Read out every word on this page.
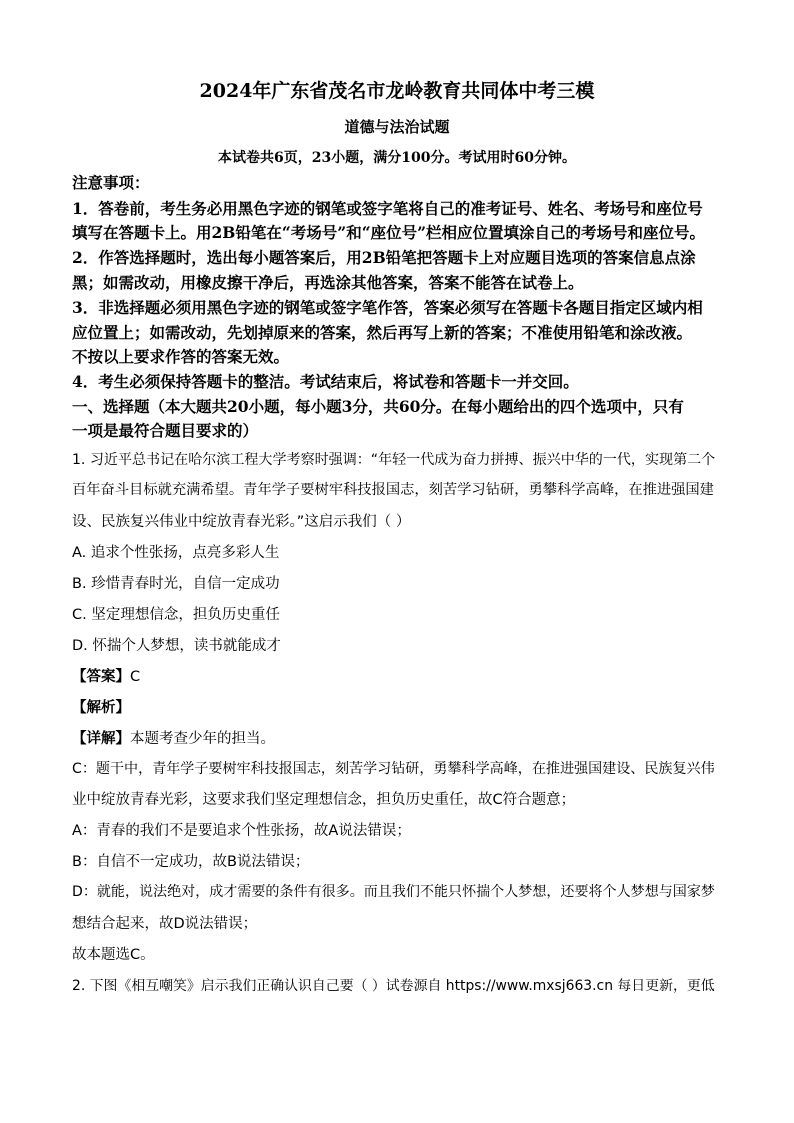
2024年广东省茂名市龙岭教育共同体中考三模

道德与法治试题

本试卷共6页，23小题，满分100分。考试用时60分钟。

注意事项：

1．答卷前，考生务必用黑色字迹的钢笔或签字笔将自己的准考证号、姓名、考场号和座位号

填写在答题卡上。用2B铅笔在“考场号”和“座位号”栏相应位置填涂自己的考场号和座位号。

2．作答选择题时，选出每小题答案后，用2B铅笔把答题卡上对应题目选项的答案信息点涂

黑；如需改动，用橡皮擦干净后，再选涂其他答案，答案不能答在试卷上。

3．非选择题必须用黑色字迹的钢笔或签字笔作答，答案必须写在答题卡各题目指定区域内相

应位置上；如需改动，先划掉原来的答案，然后再写上新的答案；不准使用铅笔和涂改液。

不按以上要求作答的答案无效。

4．考生必须保持答题卡的整洁。考试结束后，将试卷和答题卡一并交回。

一、选择题（本大题共20小题，每小题3分，共60分。在每小题给出的四个选项中，只有

一项是最符合题目要求的）

1. 习近平总书记在哈尔滨工程大学考察时强调：“年轻一代成为奋力拼搏、振兴中华的一代，实现第二个

百年奋斗目标就充满希望。青年学子要树牢科技报国志，刻苦学习钻研，勇攀科学高峰，在推进强国建

设、民族复兴伟业中绽放青春光彩。”这启示我们（ ）

A. 追求个性张扬，点亮多彩人生

B. 珍惜青春时光，自信一定成功

C. 坚定理想信念，担负历史重任

D. 怀揣个人梦想，读书就能成才

【答案】C

【解析】

【详解】本题考查少年的担当。

C：题干中，青年学子要树牢科技报国志，刻苦学习钻研，勇攀科学高峰，在推进强国建设、民族复兴伟

业中绽放青春光彩，这要求我们坚定理想信念，担负历史重任，故C符合题意；

A：青春的我们不是要追求个性张扬，故A说法错误；

B：自信不一定成功，故B说法错误；

D：就能，说法绝对，成才需要的条件有很多。而且我们不能只怀揣个人梦想，还要将个人梦想与国家梦

想结合起来，故D说法错误；

故本题选C。

2. 下图《相互嘲笑》启示我们正确认识自己要（ ）试卷源自 https://www.mxsj663.cn 每日更新，更低
